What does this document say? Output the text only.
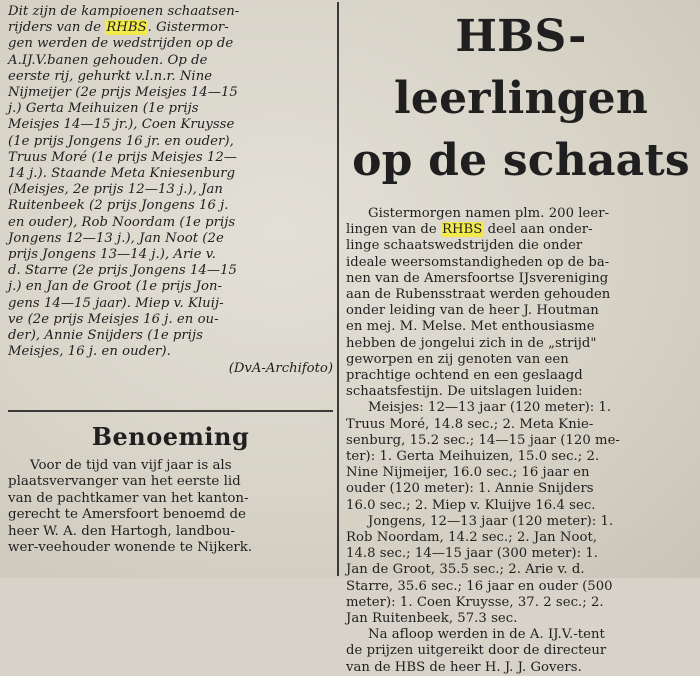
Dit zijn de kampioenen schaatsen-

rijders van de RHBS. Gistermor-

gen werden de wedstrijden op de

A.IJ.V.banen gehouden. Op de

eerste rij, gehurkt v.l.n.r. Nine

Nijmeijer (2e prijs Meisjes 14—15

j.) Gerta Meihuizen (1e prijs

Meisjes 14—15 jr.), Coen Kruysse

(1e prijs Jongens 16 jr. en ouder),

Truus Moré (1e prijs Meisjes 12—

14 j.). Staande Meta Kniesenburg

(Meisjes, 2e prijs 12—13 j.), Jan

Ruitenbeek (2 prijs Jongens 16 j.

en ouder), Rob Noordam (1e prijs

Jongens 12—13 j.), Jan Noot (2e

prijs Jongens 13—14 j.), Arie v.

d. Starre (2e prijs Jongens 14—15

j.) en Jan de Groot (1e prijs Jon-

gens 14—15 jaar). Miep v. Kluij-

ve (2e prijs Meisjes 16 j. en ou-

der), Annie Snijders (1e prijs

Meisjes, 16 j. en ouder).

(DvA-Archifoto)
Benoeming

Voor de tijd van vijf jaar is als

plaatsvervanger van het eerste lid

van de pachtkamer van het kanton-

gerecht te Amersfoort benoemd de

heer W. A. den Hartogh, landbou-

wer-veehouder wonende te Nijkerk.

HBS-leerlingen
op de schaats

Gistermorgen namen plm. 200 leer-

lingen van de RHBS deel aan onder-

linge schaatswedstrijden die onder

ideale weersomstandigheden op de ba-

nen van de Amersfoortse IJsvereniging

aan de Rubensstraat werden gehouden

onder leiding van de heer J. Houtman

en mej. M. Melse. Met enthousiasme

hebben de jongelui zich in de „strijd"

geworpen en zij genoten van een

prachtige ochtend en een geslaagd

schaatsfestijn. De uitslagen luiden:

Meisjes: 12—13 jaar (120 meter): 1.

Truus Moré, 14.8 sec.; 2. Meta Knie-

senburg, 15.2 sec.; 14—15 jaar (120 me-

ter): 1. Gerta Meihuizen, 15.0 sec.; 2.

Nine Nijmeijer, 16.0 sec.; 16 jaar en

ouder (120 meter): 1. Annie Snijders

16.0 sec.; 2. Miep v. Kluijve 16.4 sec.

Jongens, 12—13 jaar (120 meter): 1.

Rob Noordam, 14.2 sec.; 2. Jan Noot,

14.8 sec.; 14—15 jaar (300 meter): 1.

Jan de Groot, 35.5 sec.; 2. Arie v. d.

Starre, 35.6 sec.; 16 jaar en ouder (500

meter): 1. Coen Kruysse, 37. 2 sec.; 2.

Jan Ruitenbeek, 57.3 sec.

Na afloop werden in de A. IJ.V.-tent

de prijzen uitgereikt door de directeur

van de HBS de heer H. J. J. Govers.
